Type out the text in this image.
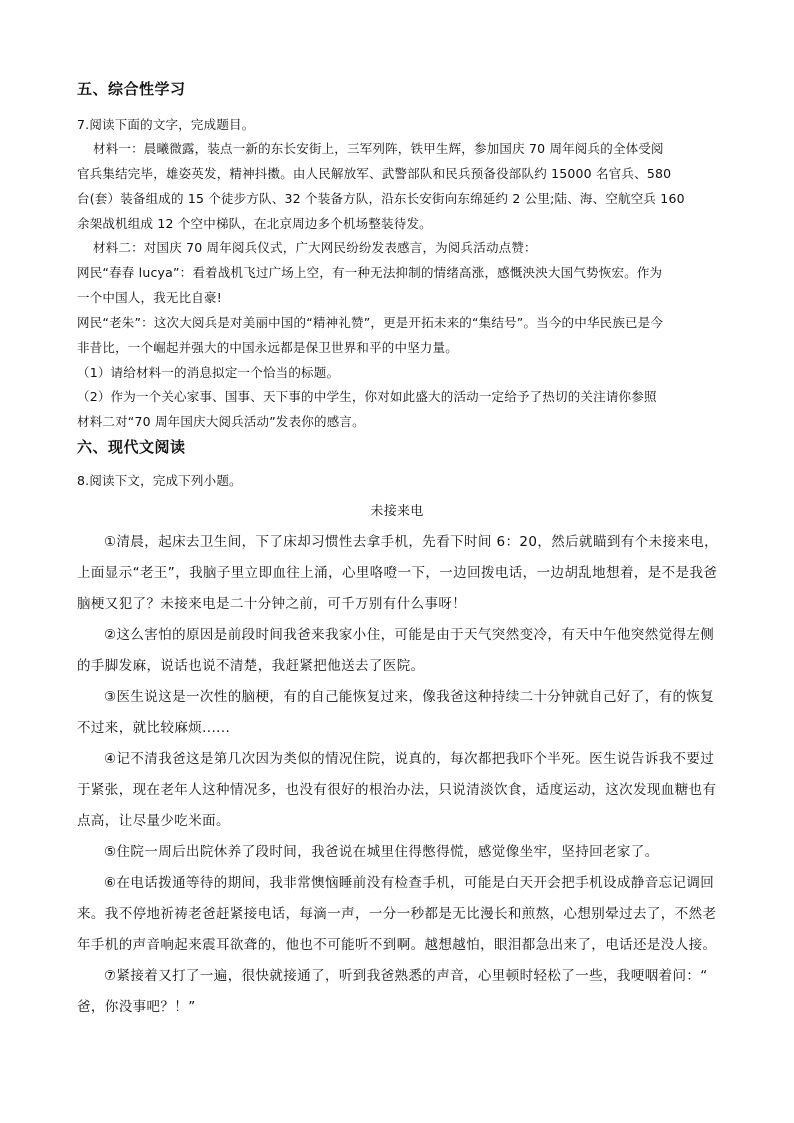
五、综合性学习
7.阅读下面的文字，完成题目。
材料一：晨曦微露，装点一新的东长安街上，三军列阵，铁甲生辉，参加国庆 70 周年阅兵的全体受阅
官兵集结完毕，雄姿英发，精神抖擞。由人民解放军、武警部队和民兵预备役部队约 15000 名官兵、580
台(套）装备组成的 15 个徒步方队、32 个装备方队，沿东长安街向东绵延约 2 公里;陆、海、空航空兵 160
余架战机组成 12 个空中梯队，在北京周边多个机场整装待发。
材料二：对国庆 70 周年阅兵仪式，广大网民纷纷发表感言，为阅兵活动点赞：
网民“春春 lucya”：看着战机飞过广场上空，有一种无法抑制的情绪高涨，感慨泱泱大国气势恢宏。作为
一个中国人，我无比自豪!
网民“老朱”：这次大阅兵是对美丽中国的“精神礼赞”，更是开拓未来的“集结号”。当今的中华民族已是今
非昔比，一个崛起并强大的中国永远都是保卫世界和平的中坚力量。
（1）请给材料一的消息拟定一个恰当的标题。
（2）作为一个关心家事、国事、天下事的中学生，你对如此盛大的活动一定给予了热切的关注请你参照
材料二对“70 周年国庆大阅兵活动”发表你的感言。
六、现代文阅读
8.阅读下文，完成下列小题。
未接来电
①清晨，起床去卫生间，下了床却习惯性去拿手机，先看下时间 6：20，然后就瞄到有个未接来电，
上面显示“老王”，我脑子里立即血往上涌，心里咯噔一下，一边回拨电话，一边胡乱地想着，是不是我爸
脑梗又犯了？未接来电是二十分钟之前，可千万别有什么事呀！
②这么害怕的原因是前段时间我爸来我家小住，可能是由于天气突然变冷，有天中午他突然觉得左侧
的手脚发麻，说话也说不清楚，我赶紧把他送去了医院。
③医生说这是一次性的脑梗，有的自己能恢复过来，像我爸这种持续二十分钟就自己好了，有的恢复
不过来，就比较麻烦......
④记不清我爸这是第几次因为类似的情况住院，说真的，每次都把我吓个半死。医生说告诉我不要过
于紧张，现在老年人这种情况多，也没有很好的根治办法，只说清淡饮食，适度运动，这次发现血糖也有
点高，让尽量少吃米面。
⑤住院一周后出院休养了段时间，我爸说在城里住得憋得慌，感觉像坐牢，坚持回老家了。
⑥在电话拨通等待的期间，我非常懊恼睡前没有检查手机，可能是白天开会把手机设成静音忘记调回
来。我不停地祈祷老爸赶紧接电话，每滴一声，一分一秒都是无比漫长和煎熬，心想别晕过去了，不然老
年手机的声音响起来震耳欲聋的，他也不可能听不到啊。越想越怕，眼泪都急出来了，电话还是没人接。
⑦紧接着又打了一遍，很快就接通了，听到我爸熟悉的声音，心里顿时轻松了一些，我哽咽着问：“
爸，你没事吧？！”
